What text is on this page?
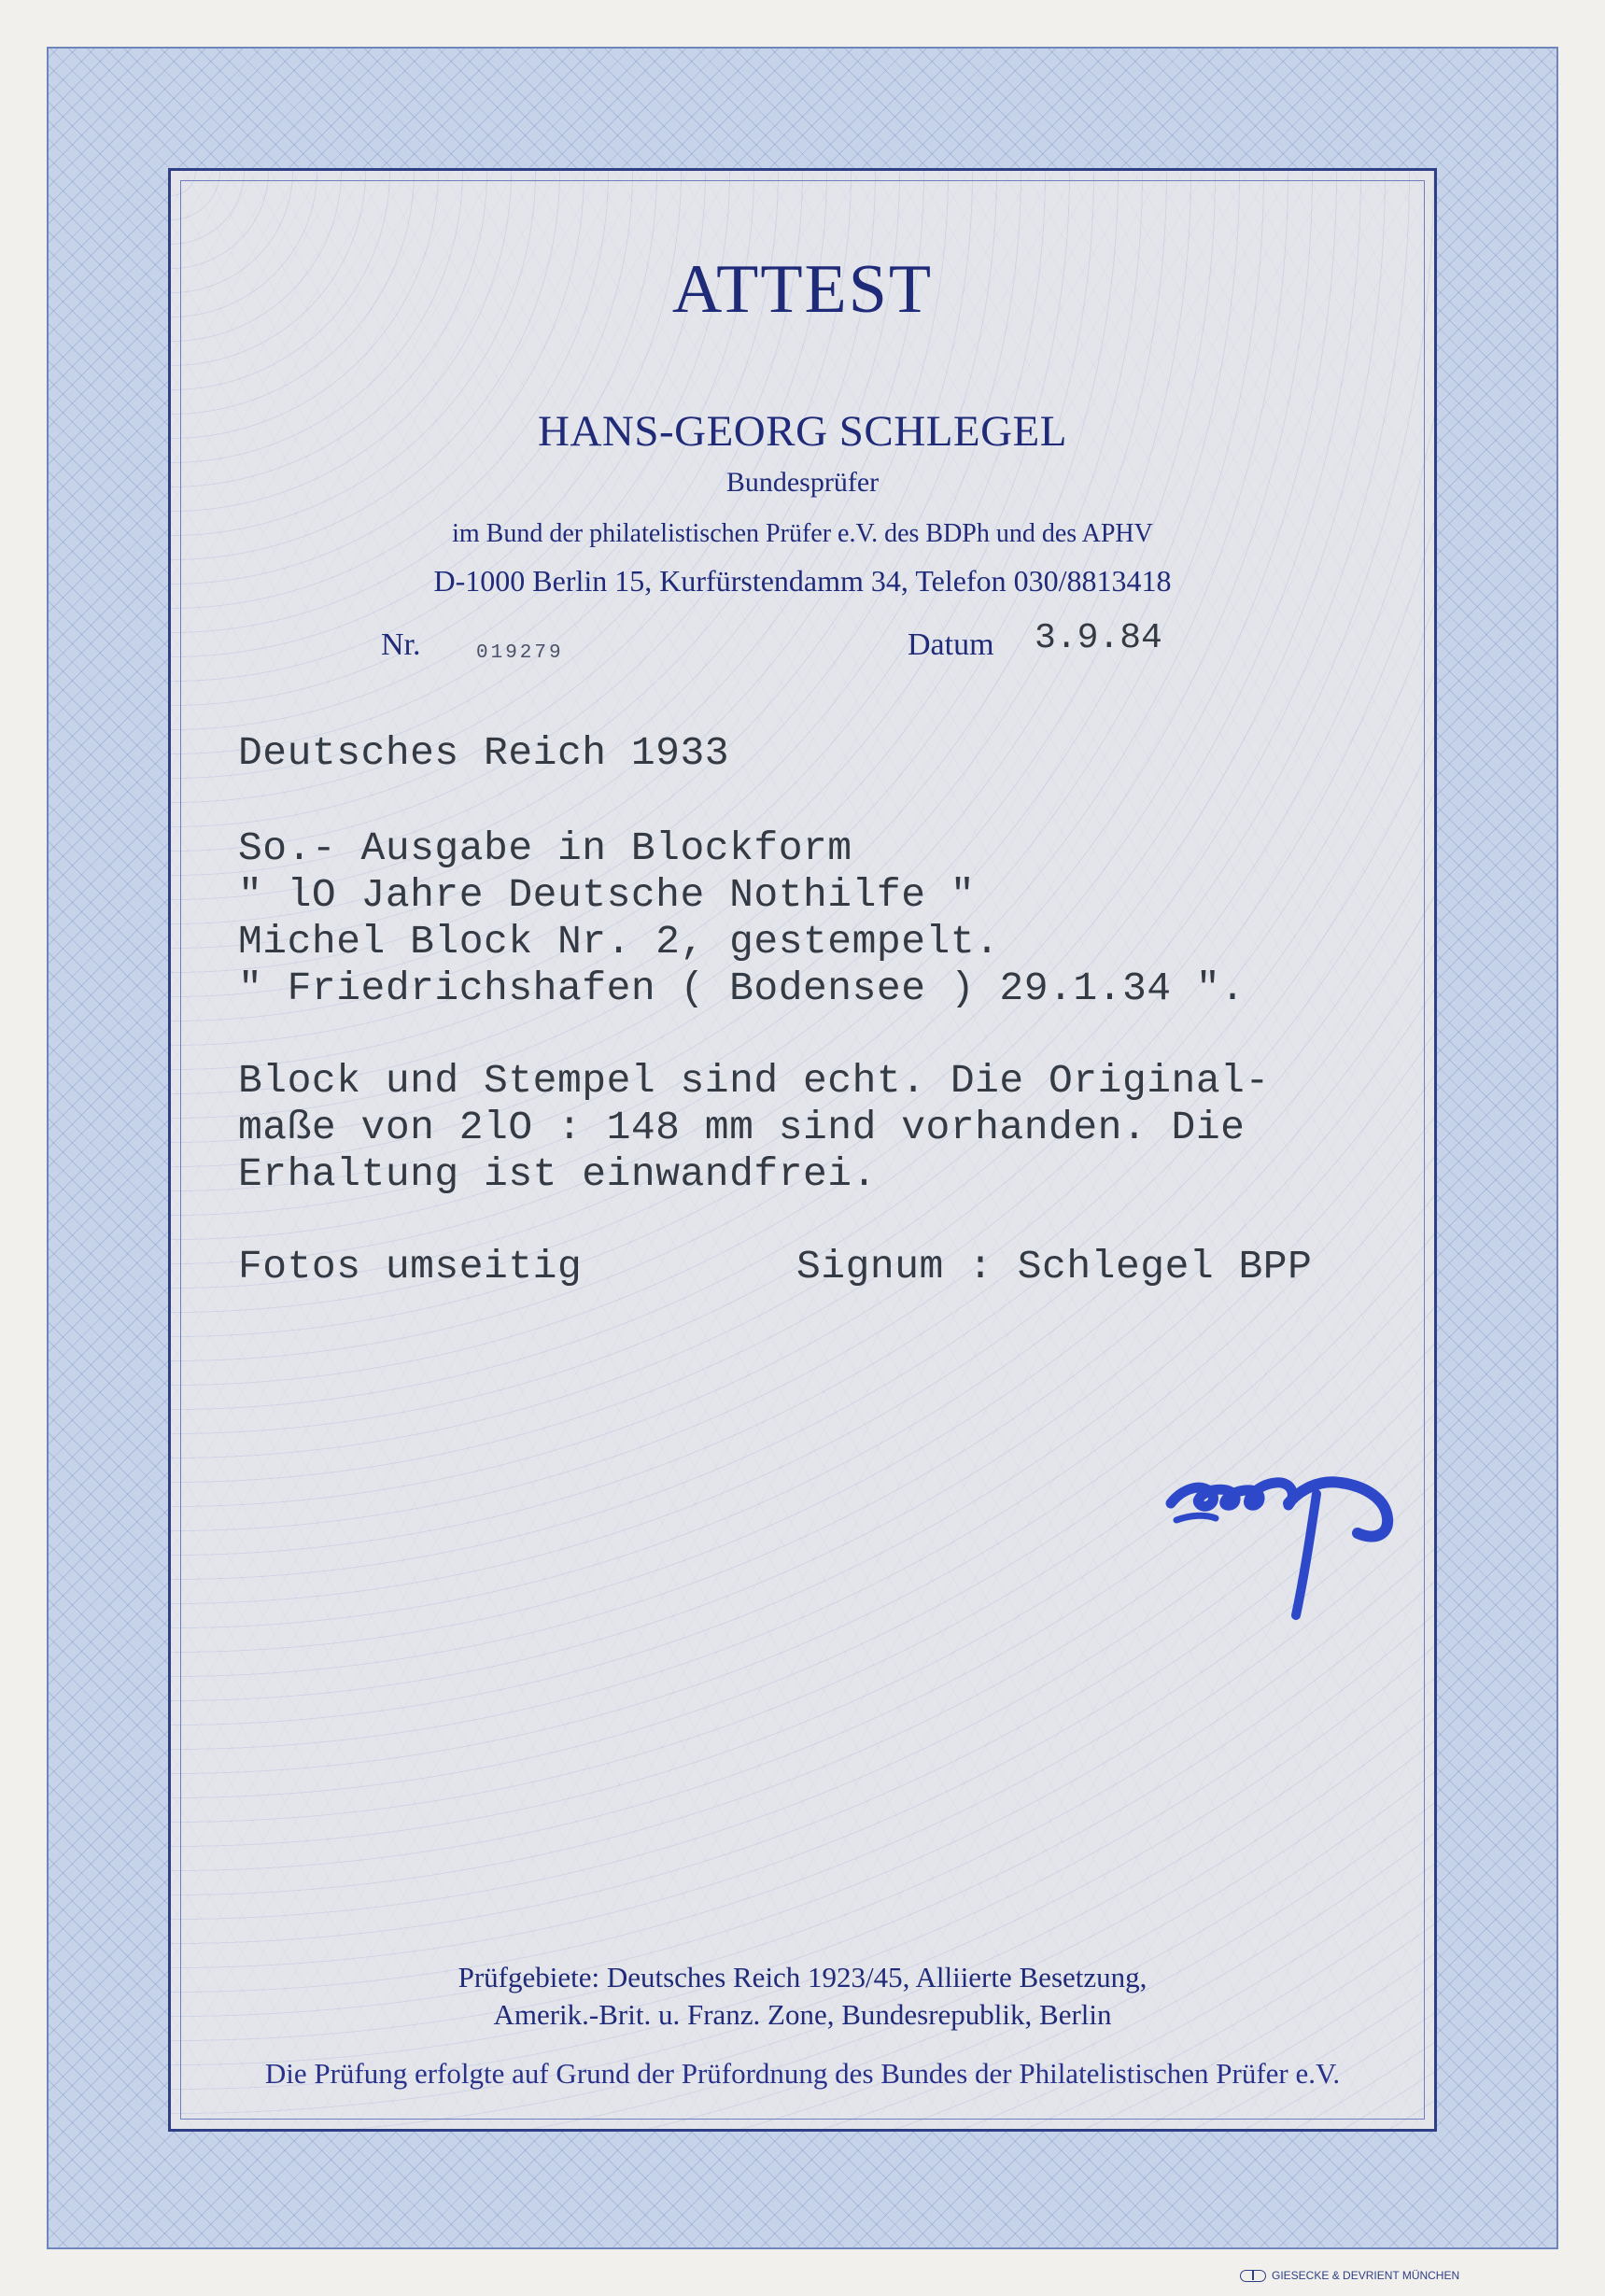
ATTEST
HANS-GEORG SCHLEGEL
Bundesprüfer
im Bund der philatelistischen Prüfer e.V. des BDPh und des APHV
D-1000 Berlin 15, Kurfürstendamm 34, Telefon 030/8813418
Nr.	019279	Datum 3.9.84
Deutsches Reich 1933
So.- Ausgabe in Blockform
" lO Jahre Deutsche Nothilfe "
Michel Block Nr. 2, gestempelt.
" Friedrichshafen ( Bodensee ) 29.1.34 ".
Block und Stempel sind echt. Die Original-
maße von 2lO : 148 mm sind vorhanden. Die
Erhaltung ist einwandfrei.
Fotos umseitig	Signum : Schlegel BPP
Prüfgebiete: Deutsches Reich 1923/45, Alliierte Besetzung,
Amerik.-Brit. u. Franz. Zone, Bundesrepublik, Berlin
Die Prüfung erfolgte auf Grund der Prüfordnung des Bundes der Philatelistischen Prüfer e.V.
GIESECKE & DEVRIENT MÜNCHEN
